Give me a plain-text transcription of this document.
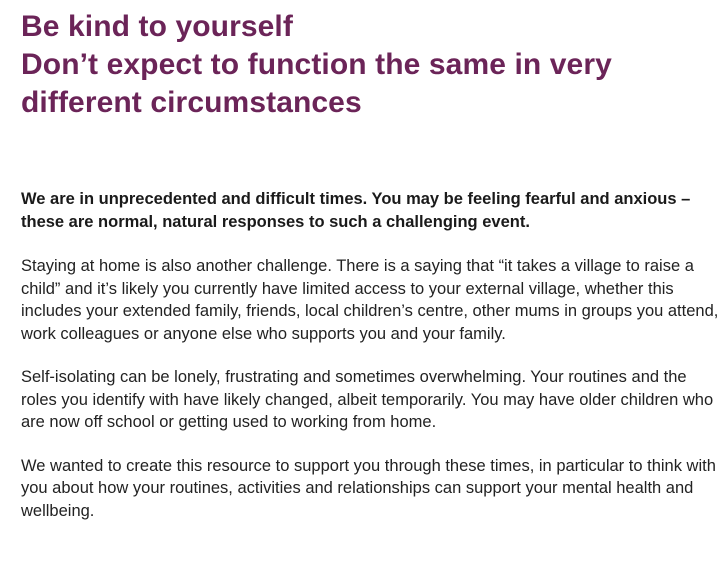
Be kind to yourself
Don’t expect to function the same in very different circumstances

We are in unprecedented and difficult times. You may be feeling fearful and anxious – these are normal, natural responses to such a challenging event.

Staying at home is also another challenge. There is a saying that “it takes a village to raise a child” and it’s likely you currently have limited access to your external village, whether this includes your extended family, friends, local children’s centre, other mums in groups you attend, work colleagues or anyone else who supports you and your family.

Self-isolating can be lonely, frustrating and sometimes overwhelming. Your routines and the roles you identify with have likely changed, albeit temporarily. You may have older children who are now off school or getting used to working from home.

We wanted to create this resource to support you through these times, in particular to think with you about how your routines, activities and relationships can support your mental health and wellbeing.
